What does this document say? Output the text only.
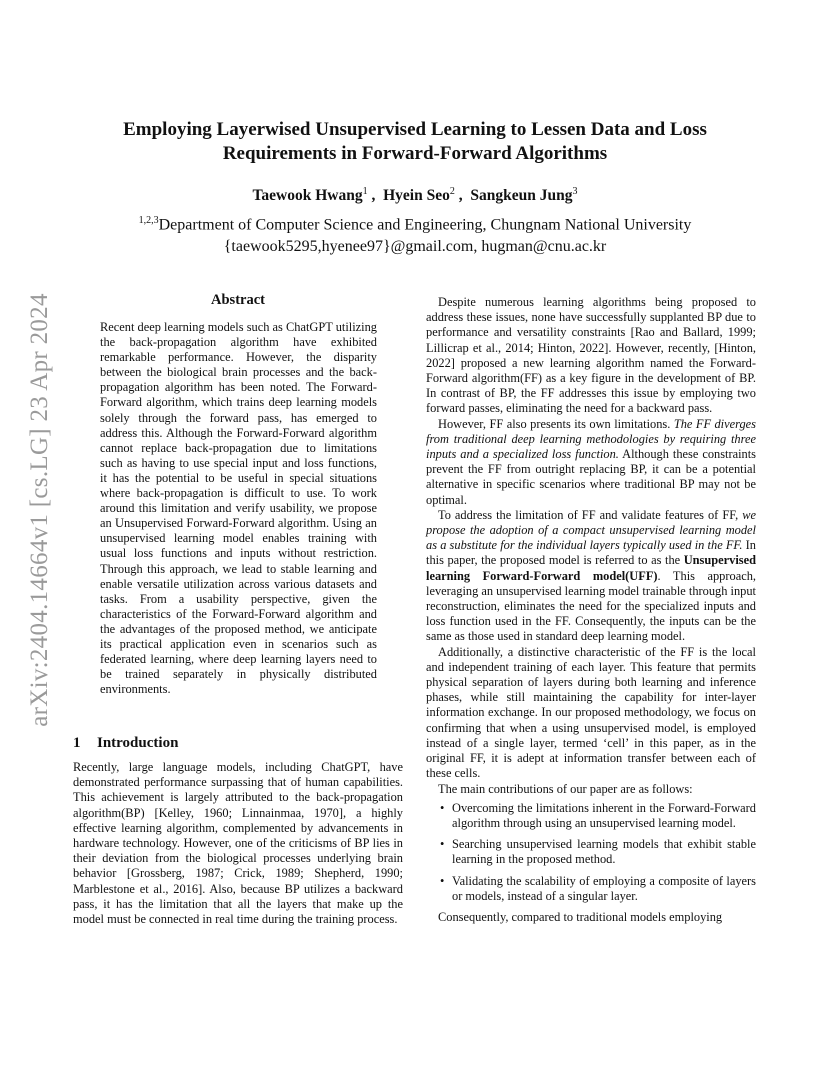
arXiv:2404.14664v1 [cs.LG] 23 Apr 2024
Employing Layerwised Unsupervised Learning to Lessen Data and Loss Requirements in Forward-Forward Algorithms
Taewook Hwang$^1$ ,  Hyein Seo$^2$ ,  Sangkeun Jung$^3$
$^{1,2,3}$Department of Computer Science and Engineering, Chungnam National University
{taewook5295,hyenee97}@gmail.com, hugman@cnu.ac.kr
Abstract
Recent deep learning models such as ChatGPT utilizing the back-propagation algorithm have exhibited remarkable performance. However, the disparity between the biological brain processes and the back-propagation algorithm has been noted. The Forward-Forward algorithm, which trains deep learning models solely through the forward pass, has emerged to address this. Although the Forward-Forward algorithm cannot replace back-propagation due to limitations such as having to use special input and loss functions, it has the potential to be useful in special situations where back-propagation is difficult to use. To work around this limitation and verify usability, we propose an Unsupervised Forward-Forward algorithm. Using an unsupervised learning model enables training with usual loss functions and inputs without restriction. Through this approach, we lead to stable learning and enable versatile utilization across various datasets and tasks. From a usability perspective, given the characteristics of the Forward-Forward algorithm and the advantages of the proposed method, we anticipate its practical application even in scenarios such as federated learning, where deep learning layers need to be trained separately in physically distributed environments.
1 Introduction

Recently, large language models, including ChatGPT, have demonstrated performance surpassing that of human capabilities. This achievement is largely attributed to the back-propagation algorithm(BP) [Kelley, 1960; Linnainmaa, 1970], a highly effective learning algorithm, complemented by advancements in hardware technology. However, one of the criticisms of BP lies in their deviation from the biological processes underlying brain behavior [Grossberg, 1987; Crick, 1989; Shepherd, 1990; Marblestone et al., 2016]. Also, because BP utilizes a backward pass, it has the limitation that all the layers that make up the model must be connected in real time during the training process.

Despite numerous learning algorithms being proposed to address these issues, none have successfully supplanted BP due to performance and versatility constraints [Rao and Ballard, 1999; Lillicrap et al., 2014; Hinton, 2022]. However, recently, [Hinton, 2022] proposed a new learning algorithm named the Forward-Forward algorithm(FF) as a key figure in the development of BP. In contrast of BP, the FF addresses this issue by employing two forward passes, eliminating the need for a backward pass.

However, FF also presents its own limitations. The FF diverges from traditional deep learning methodologies by requiring three inputs and a specialized loss function. Although these constraints prevent the FF from outright replacing BP, it can be a potential alternative in specific scenarios where traditional BP may not be optimal.

To address the limitation of FF and validate features of FF, we propose the adoption of a compact unsupervised learning model as a substitute for the individual layers typically used in the FF. In this paper, the proposed model is referred to as the Unsupervised learning Forward-Forward model(UFF). This approach, leveraging an unsupervised learning model trainable through input reconstruction, eliminates the need for the specialized inputs and loss function used in the FF. Consequently, the inputs can be the same as those used in standard deep learning model.

Additionally, a distinctive characteristic of the FF is the local and independent training of each layer. This feature that permits physical separation of layers during both learning and inference phases, while still maintaining the capability for inter-layer information exchange. In our proposed methodology, we focus on confirming that when a using unsupervised model, is employed instead of a single layer, termed ‘cell’ in this paper, as in the original FF, it is adept at information transfer between each of these cells.

The main contributions of our paper are as follows:

• Overcoming the limitations inherent in the Forward-Forward algorithm through using an unsupervised learning model.
• Searching unsupervised learning models that exhibit stable learning in the proposed method.
• Validating the scalability of employing a composite of layers or models, instead of a singular layer.

Consequently, compared to traditional models employing
